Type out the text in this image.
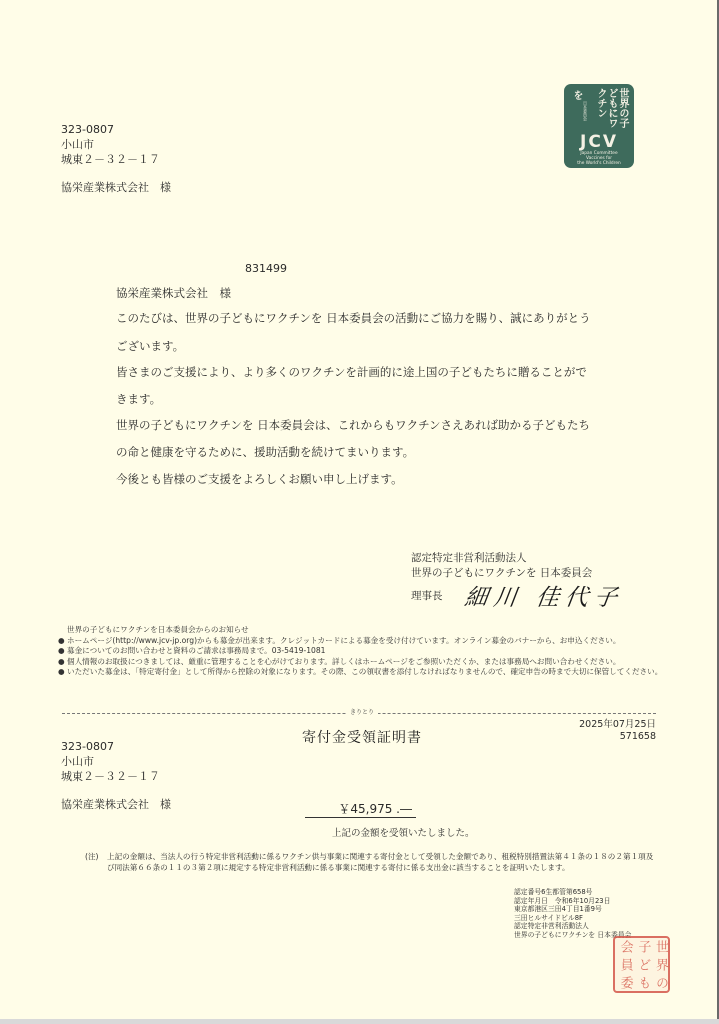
世界の子どもにワクチン
を
日本委員会
JCV
Japan Committee
Vaccines for
the World's Children
323-0807
小山市
城東２－３２－１７
協栄産業株式会社　様
831499
協栄産業株式会社　様
このたびは、世界の子どもにワクチンを 日本委員会の活動にご協力を賜り、誠にありがとう
ございます。
皆さまのご支援により、より多くのワクチンを計画的に途上国の子どもたちに贈ることがで
きます。
世界の子どもにワクチンを 日本委員会は、これからもワクチンさえあれば助かる子どもたち
の命と健康を守るために、援助活動を続けてまいります。
今後とも皆様のご支援をよろしくお願い申し上げます。
認定特定非営利活動法人
世界の子どもにワクチンを 日本委員会
理事長 細川 佳代子
世界の子どもにワクチンを日本委員会からのお知らせ
● ホームページ(http://www.jcv-jp.org)からも募金が出来ます。クレジットカードによる募金を受け付けています。オンライン募金のバナーから、お申込ください。
● 募金についてのお問い合わせと資料のご請求は事務局まで。03-5419-1081
● 個人情報のお取扱につきましては、厳重に管理することを心がけております。詳しくはホームページをご参照いただくか、または事務局へお問い合わせください。
● いただいた募金は、「特定寄付金」として所得から控除の対象になります。その際、この領収書を添付しなければなりませんので、確定申告の時まで大切に保管してください。
きりとり
寄付金受領証明書
2025年07月25日
571658
323-0807
小山市
城東２－３２－１７
協栄産業株式会社　様	￥45,975 .―
上記の金額を受領いたしました。
(注) 上記の金額は、当法人の行う特定非営利活動に係るワクチン供与事業に関連する寄付金として受領した金額であり、租税特別措置法第４１条の１８の２第１項及び同法第６６条の１１の３第２項に規定する特定非営利活動に係る事業に関連する寄付に係る支出金に該当することを証明いたします。
認定番号6生都管第658号
認定年月日　令和6年10月23日
東京都港区三田4丁目1番9号
三田ヒルサイドビル8F
認定特定非営利活動法人
世界の子どもにワクチンを 日本委員会
世
界
の
子
ど
も
会
員
委
